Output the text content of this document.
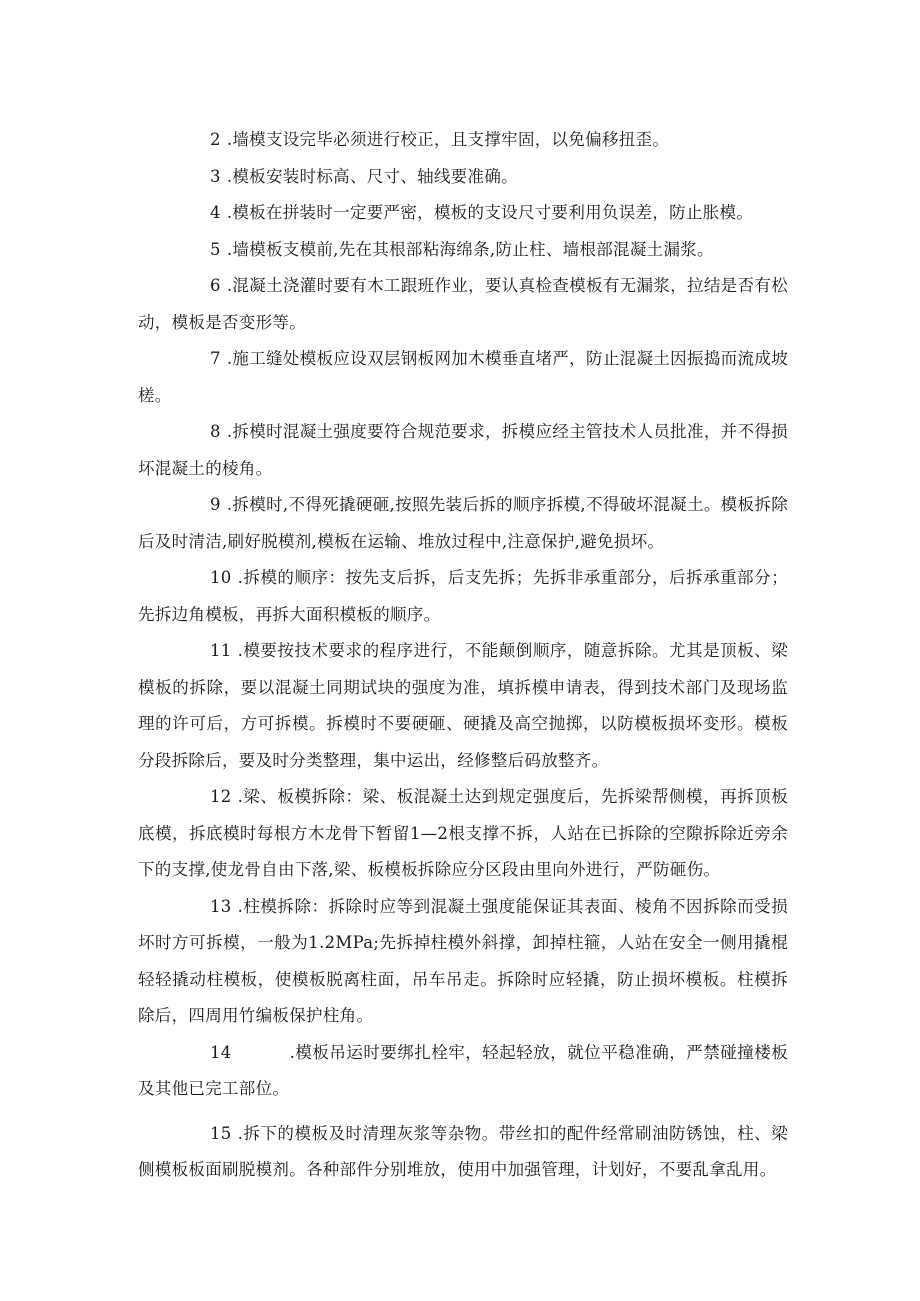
2 .墙模支设完毕必须进行校正，且支撑牢固，以免偏移扭歪。

3 .模板安装时标高、尺寸、轴线要准确。

4 .模板在拼装时一定要严密，模板的支设尺寸要利用负误差，防止胀模。

5 .墙模板支模前,先在其根部粘海绵条,防止柱、墙根部混凝土漏浆。

6 .混凝土浇灌时要有木工跟班作业，要认真检查模板有无漏浆，拉结是否有松动，模板是否变形等。

7 .施工缝处模板应设双层钢板网加木模垂直堵严，防止混凝土因振捣而流成坡槎。

8 .拆模时混凝土强度要符合规范要求，拆模应经主管技术人员批准，并不得损坏混凝土的棱角。

9 .拆模时,不得死撬硬砸,按照先装后拆的顺序拆模,不得破坏混凝土。模板拆除后及时清洁,刷好脱模剂,模板在运输、堆放过程中,注意保护,避免损坏。

10 .拆模的顺序：按先支后拆，后支先拆；先拆非承重部分，后拆承重部分；先拆边角模板，再拆大面积模板的顺序。

11 .模要按技术要求的程序进行，不能颠倒顺序，随意拆除。尤其是顶板、梁模板的拆除，要以混凝土同期试块的强度为准，填拆模申请表，得到技术部门及现场监理的许可后，方可拆模。拆模时不要硬砸、硬撬及高空抛掷，以防模板损坏变形。模板分段拆除后，要及时分类整理，集中运出，经修整后码放整齐。

12 .梁、板模拆除：梁、板混凝土达到规定强度后，先拆梁帮侧模，再拆顶板底模，拆底模时每根方木龙骨下暂留1—2根支撑不拆，人站在已拆除的空隙拆除近旁余下的支撑,使龙骨自由下落,梁、板模板拆除应分区段由里向外进行，严防砸伤。

13 .柱模拆除：拆除时应等到混凝土强度能保证其表面、棱角不因拆除而受损坏时方可拆模，一般为1.2MPa;先拆掉柱模外斜撑，卸掉柱箍，人站在安全一侧用撬棍轻轻撬动柱模板，使模板脱离柱面，吊车吊走。拆除时应轻撬，防止损坏模板。柱模拆除后，四周用竹编板保护柱角。

14	.模板吊运时要绑扎栓牢，轻起轻放，就位平稳准确，严禁碰撞楼板及其他已完工部位。

15 .拆下的模板及时清理灰浆等杂物。带丝扣的配件经常刷油防锈蚀，柱、梁侧模板板面刷脱模剂。各种部件分别堆放，使用中加强管理，计划好，不要乱拿乱用。
